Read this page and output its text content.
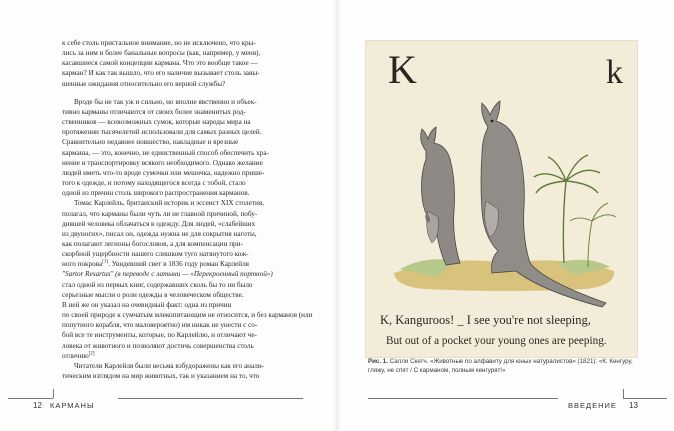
к себе столь пристальное внимание, но не исключено, что кры-
лись за ним и более банальные вопросы (как, например, у меня),
касавшиеся самой концепции кармана. Что это вообще такое —
карман? И как так вышло, что его наличие вызывает столь завы-
шенные ожидания относительно его верной службы?

Вроде бы не так уж и сильно, но вполне явственно и объек-
тивно карманы отличаются от своих более знаменитых род-
ственников — всевозможных сумок, которые народы мира на
протяжении тысячелетий использовали для самых разных целей.
Сравнительно недавнее новшество, накладные и врезные
карманы, — это, конечно, не единственный способ обеспечить хра-
нение и транспортировку всякого необходимого. Однако желание
людей иметь что-то вроде сумочки или мешочка, надежно прише-
того к одежде, и потому находящегося всегда с тобой, стало
одной из причин столь широкого распространения карманов.

Томас Карлейль, британский историк и эссеист XIX столетия,
полагал, что карманы были чуть ли не главной причиной, побу-
дившей человека облачаться в одежду. Для людей, «слабейших
из двуногих», писал он, одежда нужна не для сокрытия наготы,
как полагают легионы богословов, а для компенсации при-
скорбной ущербности нашего слишком туго натянутого кож-
ного покрова[1]. Увидевший свет в 1836 году роман Карлейля
"Sartor Resartus" (в переводе с латыни — «Перекроенный портной»)
стал одной из первых книг, содержавших сколь бы то ни было
серьезные мысли о роли одежды в человеческом обществе.
В ней же он указал на очевидный факт: одна из причин
по своей природе к сумчатым млекопитающим не относится, и без карманов (или
попутного корабля, что маловероятно) им никак не унести с со-
бой все те инструменты, которые, по Карлейлю, и отличают че-
ловека от животного и позволяют достичь совершенства столь
отличию[2]

Читатели Карлейля были весьма взбудоражены как его анали-
тическим взглядом на мир животных, так и указанием на то, что

K	k
K, Kanguroos! _ I see you're not sleeping,
But out of a pocket your young ones are peeping.
Рис. 1. Салли Скетч. «Животные по алфавиту для юных натуралистов» (1821): «К: Кенгуру, гляжу, не спят / С карманом, полным кенгурят!»
12 КАРМАНЫ	ВВЕДЕНИЕ 13
